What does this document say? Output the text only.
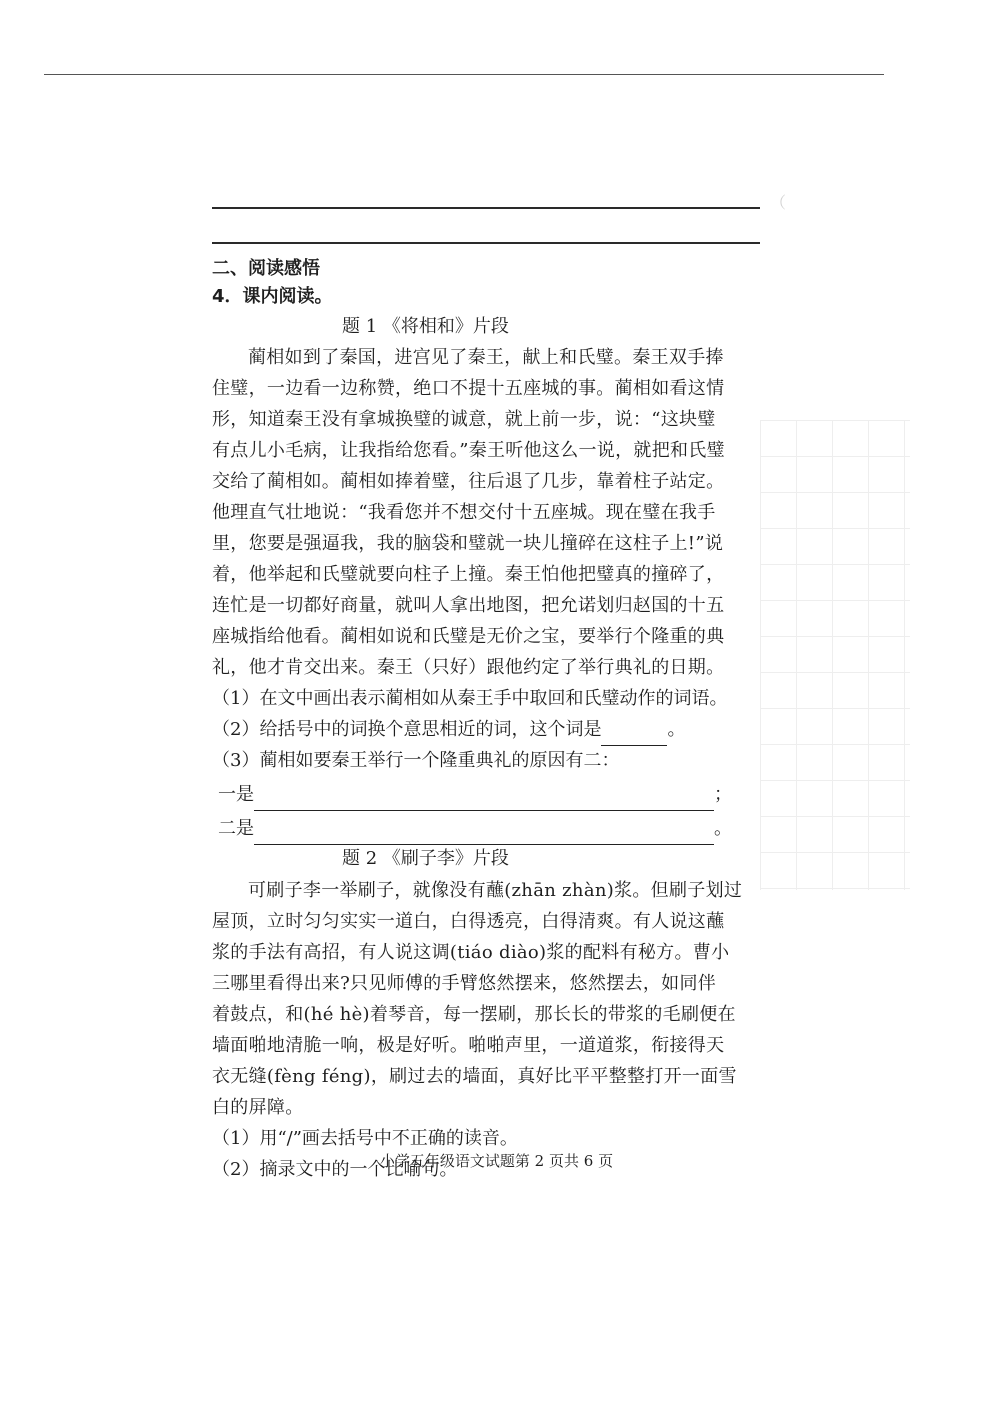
（
二、阅读感悟
4．课内阅读。
题 1 《将相和》片段
蔺相如到了秦国，进宫见了秦王，献上和氏璧。秦王双手捧
住璧，一边看一边称赞，绝口不提十五座城的事。蔺相如看这情
形，知道秦王没有拿城换璧的诚意，就上前一步，说：“这块璧
有点儿小毛病，让我指给您看。”秦王听他这么一说，就把和氏璧
交给了蔺相如。蔺相如捧着璧，往后退了几步，靠着柱子站定。
他理直气壮地说：“我看您并不想交付十五座城。现在璧在我手
里，您要是强逼我，我的脑袋和璧就一块儿撞碎在这柱子上!”说
着，他举起和氏璧就要向柱子上撞。秦王怕他把璧真的撞碎了，
连忙是一切都好商量，就叫人拿出地图，把允诺划归赵国的十五
座城指给他看。蔺相如说和氏璧是无价之宝，要举行个隆重的典
礼，他才肯交出来。秦王（只好）跟他约定了举行典礼的日期。
（1）在文中画出表示蔺相如从秦王手中取回和氏璧动作的词语。
（2）给括号中的词换个意思相近的词，这个词是	。
（3）蔺相如要秦王举行一个隆重典礼的原因有二：
一是	；
二是	。
题 2 《刷子李》片段
可刷子李一举刷子，就像没有蘸(zhān zhàn)浆。但刷子划过
屋顶，立时匀匀实实一道白，白得透亮，白得清爽。有人说这蘸
浆的手法有高招，有人说这调(tiáo diào)浆的配料有秘方。曹小
三哪里看得出来?只见师傅的手臂悠然摆来，悠然摆去，如同伴
着鼓点，和(hé hè)着琴音，每一摆刷，那长长的带浆的毛刷便在
墙面啪地清脆一响，极是好听。啪啪声里，一道道浆，衔接得天
衣无缝(fèng féng)，刷过去的墙面，真好比平平整整打开一面雪
白的屏障。
（1）用“/”画去括号中不正确的读音。
（2）摘录文中的一个比喻句。
小学五年级语文试题第 2 页共 6 页
